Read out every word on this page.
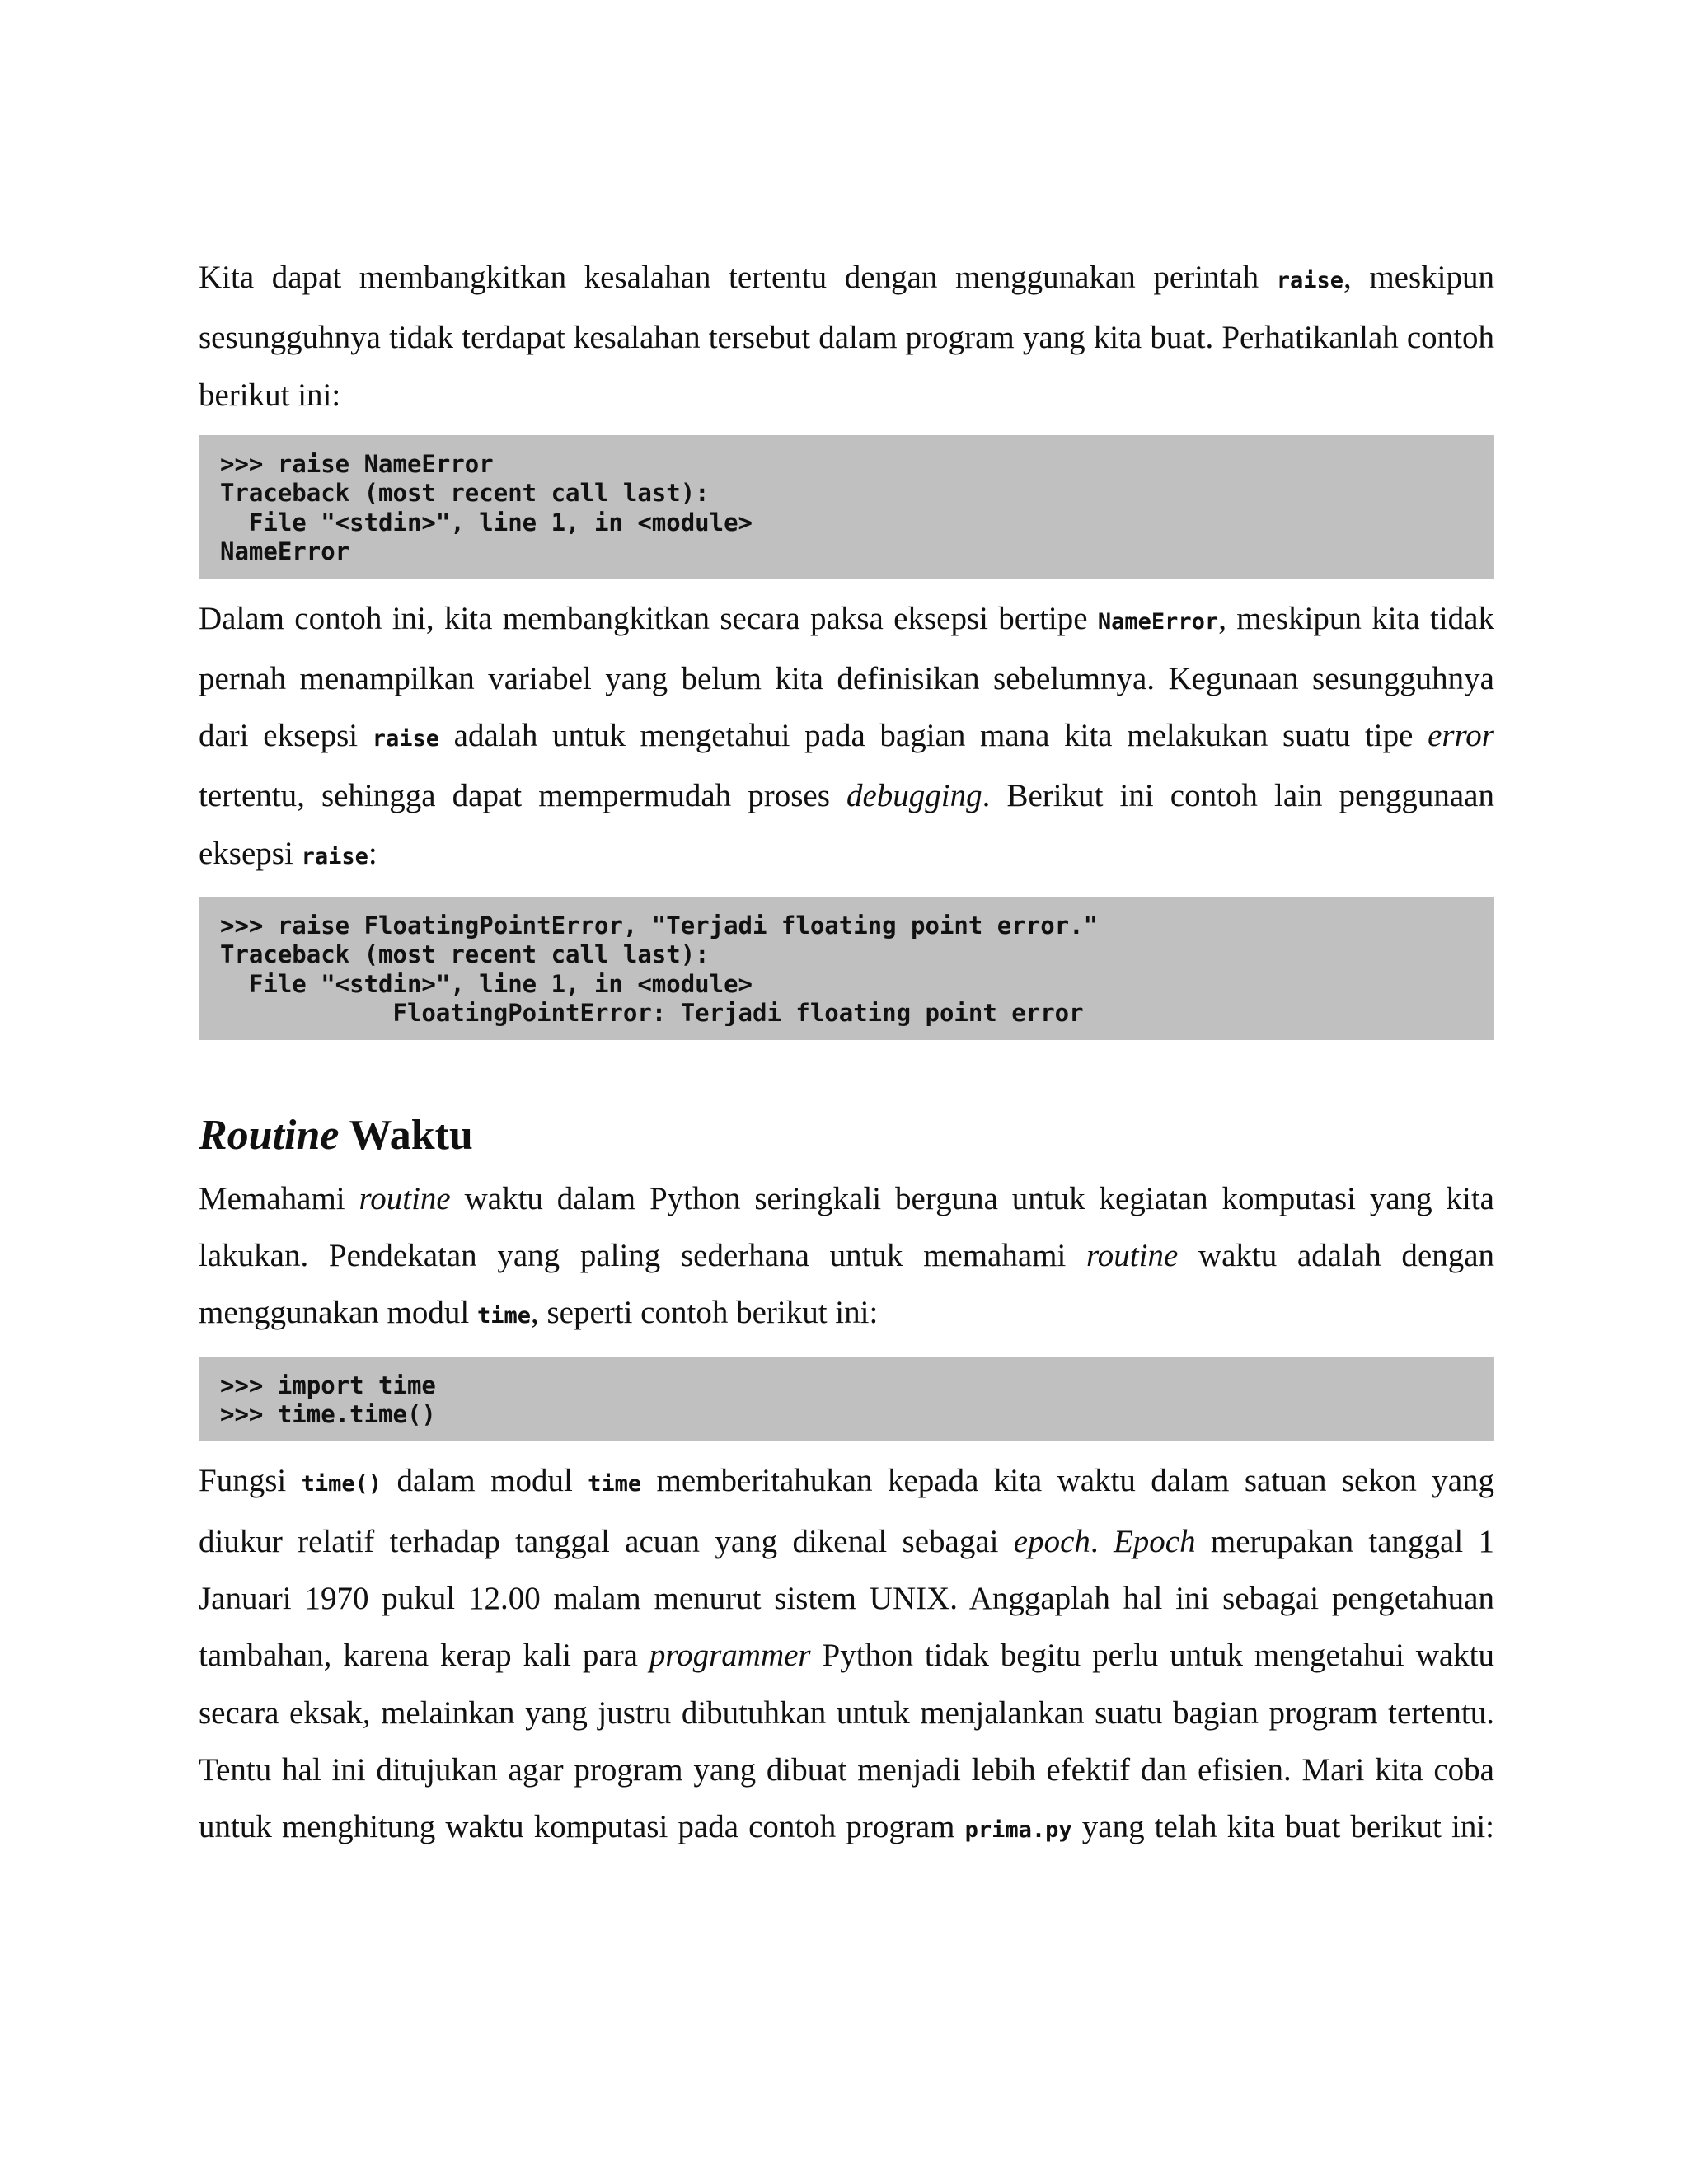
Kita dapat membangkitkan kesalahan tertentu dengan menggunakan perintah raise, meskipun sesungguhnya tidak terdapat kesalahan tersebut dalam program yang kita buat. Perhatikanlah contoh berikut ini:

>>> raise NameError
Traceback (most recent call last):
File "<stdin>", line 1, in <module>
NameError

Dalam contoh ini, kita membangkitkan secara paksa eksepsi bertipe NameError, meskipun kita tidak pernah menampilkan variabel yang belum kita definisikan sebelumnya. Kegunaan sesungguhnya dari eksepsi raise adalah untuk mengetahui pada bagian mana kita melakukan suatu tipe error tertentu, sehingga dapat mempermudah proses debugging. Berikut ini contoh lain penggunaan eksepsi raise:

>>> raise FloatingPointError, "Terjadi floating point error."
Traceback (most recent call last):
File "<stdin>", line 1, in <module>
FloatingPointError: Terjadi floating point error
Routine Waktu

Memahami routine waktu dalam Python seringkali berguna untuk kegiatan komputasi yang kita lakukan. Pendekatan yang paling sederhana untuk memahami routine waktu adalah dengan menggunakan modul time, seperti contoh berikut ini:

>>> import time
>>> time.time()

Fungsi time() dalam modul time memberitahukan kepada kita waktu dalam satuan sekon yang diukur relatif terhadap tanggal acuan yang dikenal sebagai epoch. Epoch merupakan tanggal 1 Januari 1970 pukul 12.00 malam menurut sistem UNIX. Anggaplah hal ini sebagai pengetahuan tambahan, karena kerap kali para programmer Python tidak begitu perlu untuk mengetahui waktu secara eksak, melainkan yang justru dibutuhkan untuk menjalankan suatu bagian program tertentu. Tentu hal ini ditujukan agar program yang dibuat menjadi lebih efektif dan efisien. Mari kita coba untuk menghitung waktu komputasi pada contoh program prima.py yang telah kita buat berikut ini:
